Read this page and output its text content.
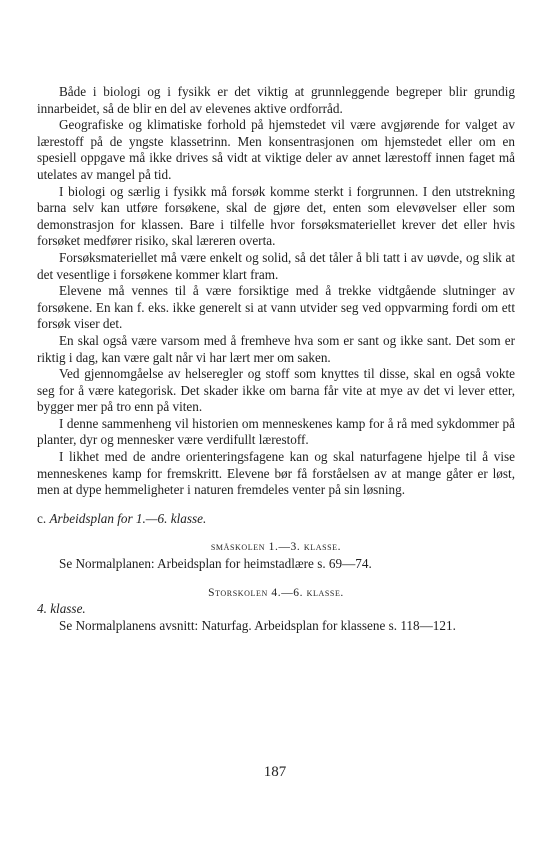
Både i biologi og i fysikk er det viktig at grunnleggende begreper blir grundig innarbeidet, så de blir en del av elevenes aktive ordforråd.

Geografiske og klimatiske forhold på hjemstedet vil være avgjørende for valget av lærestoff på de yngste klassetrinn. Men konsentrasjonen om hjemstedet eller om en spesiell oppgave må ikke drives så vidt at viktige deler av annet lærestoff innen faget må utelates av mangel på tid.

I biologi og særlig i fysikk må forsøk komme sterkt i forgrunnen. I den utstrekning barna selv kan utføre forsøkene, skal de gjøre det, enten som elevøvelser eller som demonstrasjon for klassen. Bare i tilfelle hvor forsøksmateriellet krever det eller hvis forsøket medfører risiko, skal læreren overta.

Forsøksmateriellet må være enkelt og solid, så det tåler å bli tatt i av uøvde, og slik at det vesentlige i forsøkene kommer klart fram.

Elevene må vennes til å være forsiktige med å trekke vidtgående slutninger av forsøkene. En kan f. eks. ikke generelt si at vann utvider seg ved oppvarming fordi om ett forsøk viser det.

En skal også være varsom med å fremheve hva som er sant og ikke sant. Det som er riktig i dag, kan være galt når vi har lært mer om saken.

Ved gjennomgåelse av helseregler og stoff som knyttes til disse, skal en også vokte seg for å være kategorisk. Det skader ikke om barna får vite at mye av det vi lever etter, bygger mer på tro enn på viten.

I denne sammenheng vil historien om menneskenes kamp for å rå med sykdommer på planter, dyr og mennesker være verdifullt lærestoff.

I likhet med de andre orienteringsfagene kan og skal naturfagene hjelpe til å vise menneskenes kamp for fremskritt. Elevene bør få forståelsen av at mange gåter er løst, men at dype hemmeligheter i naturen fremdeles venter på sin løsning.

c. Arbeidsplan for 1.—6. klasse.

småskolen 1.—3. klasse.

Se Normalplanen: Arbeidsplan for heimstadlære s. 69—74.

Storskolen 4.—6. klasse.

4. klasse.

Se Normalplanens avsnitt: Naturfag. Arbeidsplan for klassene s. 118—121.

187
